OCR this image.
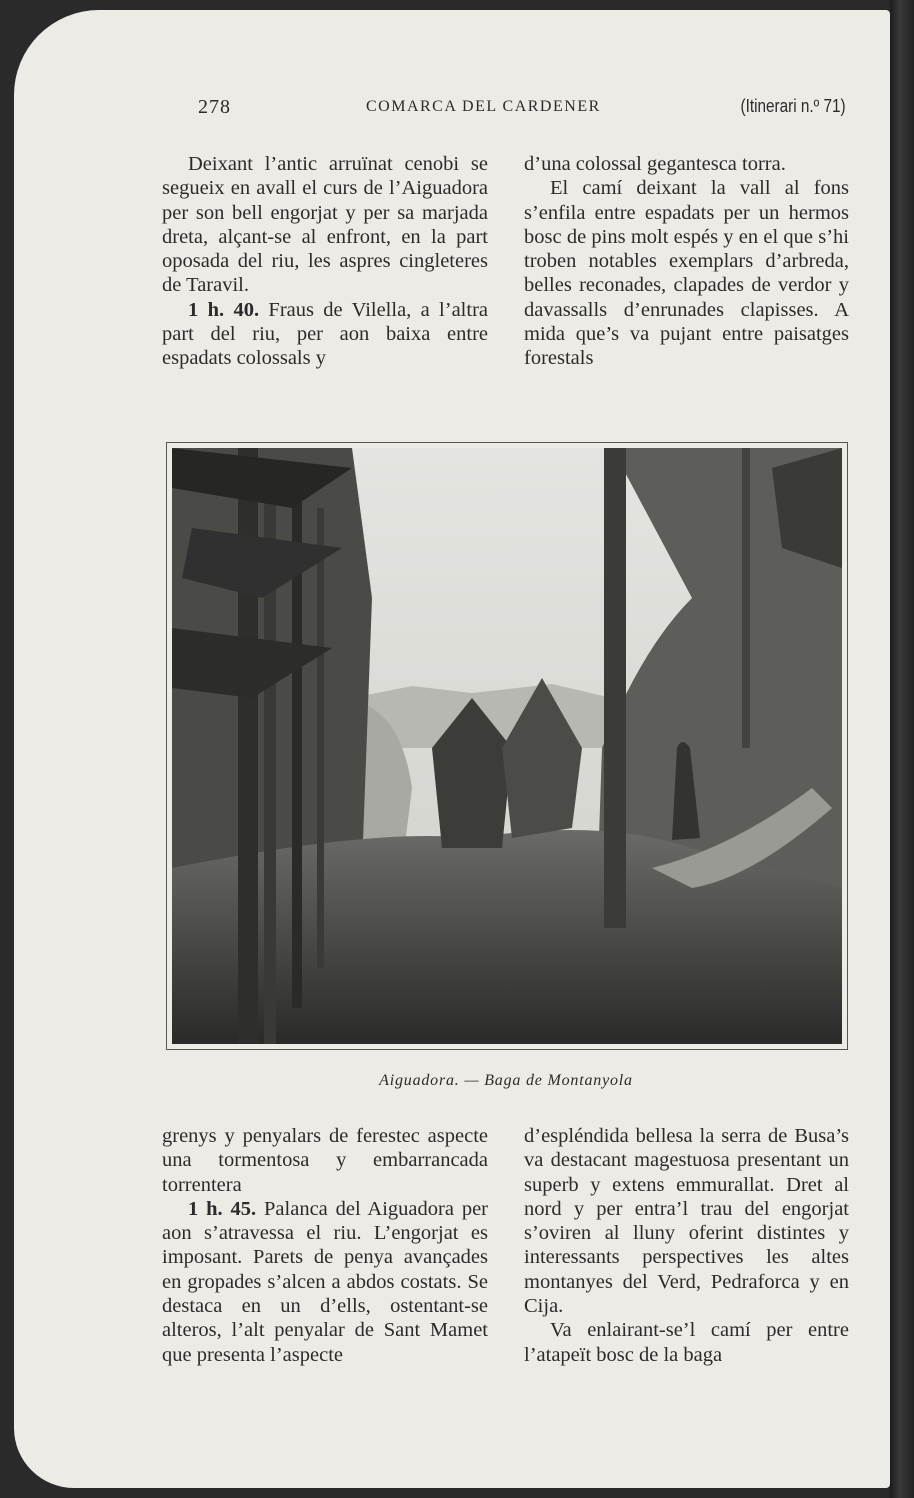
278	COMARCA DEL CARDENER	(Itinerari n.º 71)

Deixant l’antic arruïnat cenobi se segueix en avall el curs de l’Aiguadora per son bell engorjat y per sa marjada dreta, alçant-se al enfront, en la part oposada del riu, les aspres cingleteres de Taravil.

1 h. 40. Fraus de Vilella, a l’altra part del riu, per aon baixa entre espadats colossals y

d’una colossal gegantesca torra.

El camí deixant la vall al fons s’enfila entre espadats per un hermos bosc de pins molt espés y en el que s’hi troben notables exemplars d’arbreda, belles reconades, clapades de verdor y davassalls d’enrunades clapisses. A mida que’s va pujant entre paisatges forestals

Aiguadora. — Baga de Montanyola

grenys y penyalars de ferestec aspecte una tormentosa y embarrancada torrentera

1 h. 45. Palanca del Aiguadora per aon s’atravessa el riu. L’engorjat es imposant. Parets de penya avançades en gropades s’alcen a abdos costats. Se destaca en un d’ells, ostentant-se alteros, l’alt penyalar de Sant Mamet que presenta l’aspecte

d’espléndida bellesa la serra de Busa’s va destacant magestuosa presentant un superb y extens emmurallat. Dret al nord y per entra’l trau del engorjat s’oviren al lluny oferint distintes y interessants perspectives les altes montanyes del Verd, Pedraforca y en Cija.

Va enlairant-se’l camí per entre l’atapeït bosc de la baga
